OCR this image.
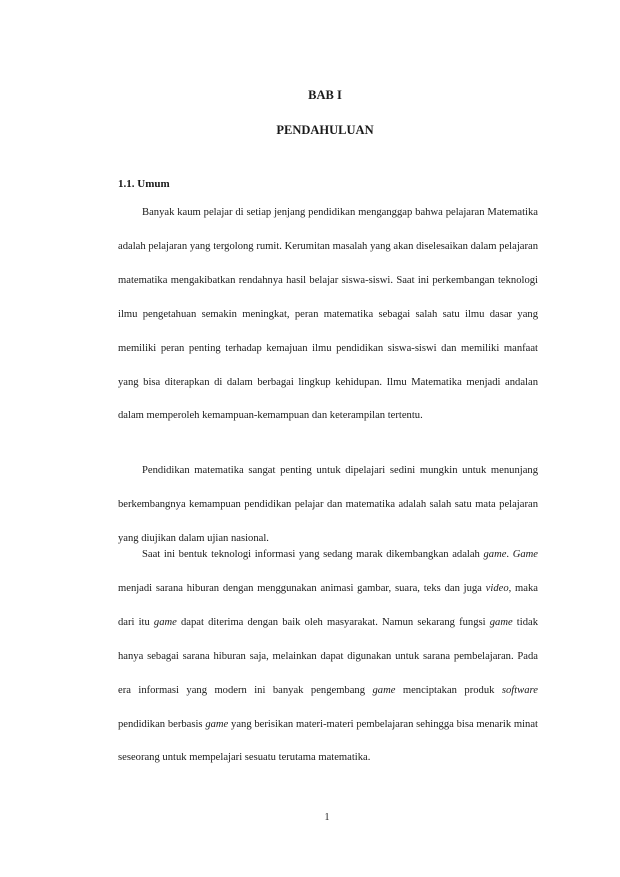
BAB I
PENDAHULUAN
1.1. Umum

Banyak kaum pelajar di setiap jenjang pendidikan menganggap bahwa pelajaran Matematika adalah pelajaran yang tergolong rumit. Kerumitan masalah yang akan diselesaikan dalam pelajaran matematika mengakibatkan rendahnya hasil belajar siswa-siswi. Saat ini perkembangan teknologi ilmu pengetahuan semakin meningkat, peran matematika sebagai salah satu ilmu dasar yang memiliki peran penting terhadap kemajuan ilmu pendidikan siswa-siswi dan memiliki manfaat yang bisa diterapkan di dalam berbagai lingkup kehidupan. Ilmu Matematika menjadi andalan dalam memperoleh kemampuan-kemampuan dan keterampilan tertentu.

Pendidikan matematika sangat penting untuk dipelajari sedini mungkin untuk menunjang berkembangnya kemampuan pendidikan pelajar dan matematika adalah salah satu mata pelajaran yang diujikan dalam ujian nasional.

Saat ini bentuk teknologi informasi yang sedang marak dikembangkan adalah game. Game menjadi sarana hiburan dengan menggunakan animasi gambar, suara, teks dan juga video, maka dari itu game dapat diterima dengan baik oleh masyarakat. Namun sekarang fungsi game tidak hanya sebagai sarana hiburan saja, melainkan dapat digunakan untuk sarana pembelajaran. Pada era informasi yang modern ini banyak pengembang game menciptakan produk software pendidikan berbasis game yang berisikan materi-materi pembelajaran sehingga bisa menarik minat seseorang untuk mempelajari sesuatu terutama matematika.

1
